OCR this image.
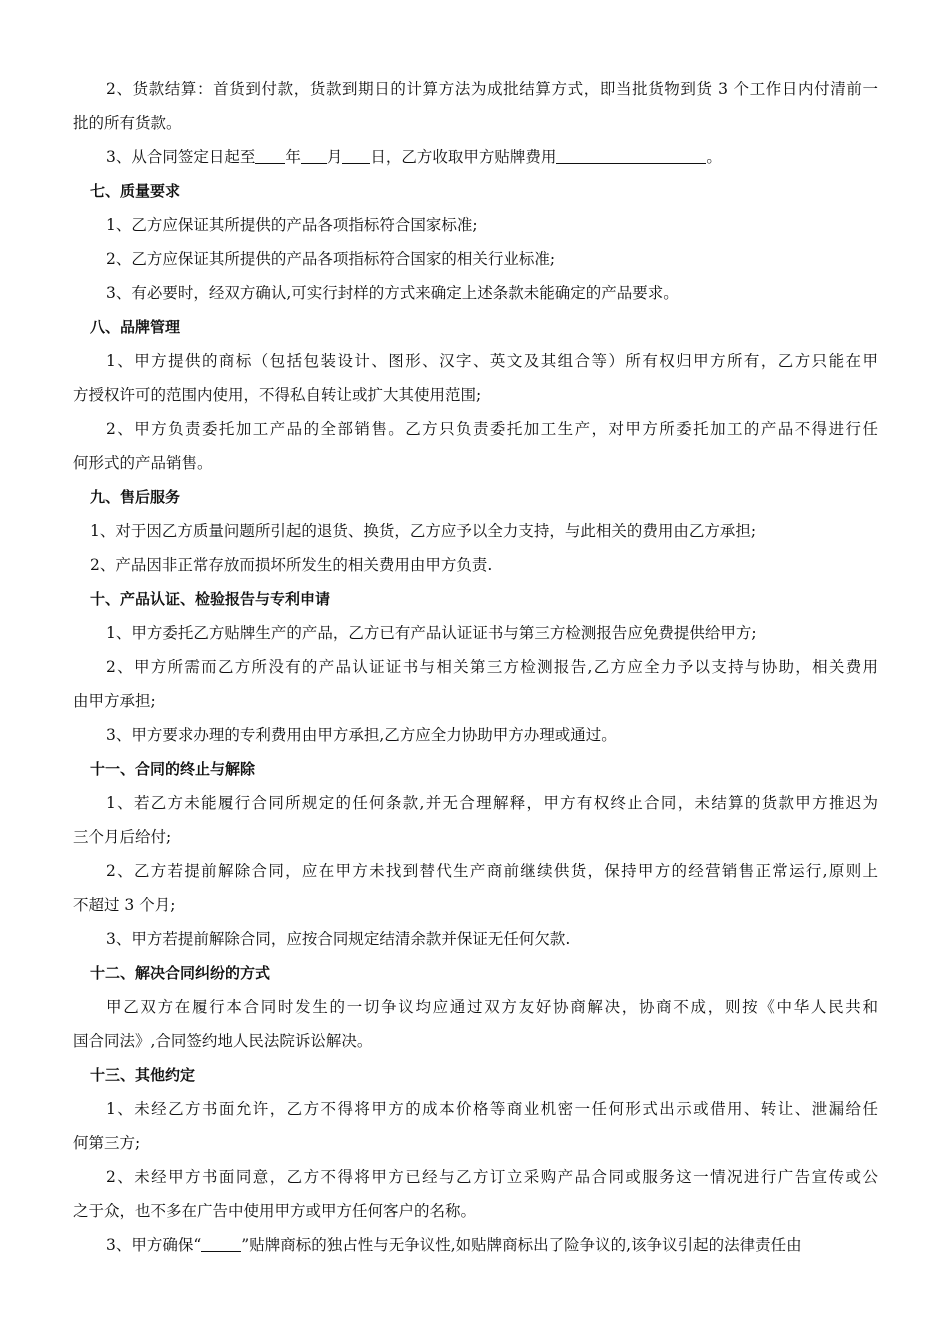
2、货款结算：首货到付款，货款到期日的计算方法为成批结算方式，即当批货物到货 3 个工作日内付清前一
批的所有货款。

3、从合同签定日起至 年 月 日，乙方收取甲方贴牌费用	。

七、质量要求

1、乙方应保证其所提供的产品各项指标符合国家标准;

2、乙方应保证其所提供的产品各项指标符合国家的相关行业标准;

3、有必要时，经双方确认,可实行封样的方式来确定上述条款未能确定的产品要求。

八、品牌管理

1、甲方提供的商标（包括包装设计、图形、汉字、英文及其组合等）所有权归甲方所有，乙方只能在甲
方授权许可的范围内使用，不得私自转让或扩大其使用范围;

2、甲方负责委托加工产品的全部销售。乙方只负责委托加工生产，对甲方所委托加工的产品不得进行任
何形式的产品销售。

九、售后服务

1、对于因乙方质量问题所引起的退货、换货，乙方应予以全力支持，与此相关的费用由乙方承担;

2、产品因非正常存放而损坏所发生的相关费用由甲方负责.

十、产品认证、检验报告与专利申请

1、甲方委托乙方贴牌生产的产品，乙方已有产品认证证书与第三方检测报告应免费提供给甲方;

2、甲方所需而乙方所没有的产品认证证书与相关第三方检测报告,乙方应全力予以支持与协助，相关费用
由甲方承担;

3、甲方要求办理的专利费用由甲方承担,乙方应全力协助甲方办理或通过。

十一、合同的终止与解除

1、若乙方未能履行合同所规定的任何条款,并无合理解释，甲方有权终止合同，未结算的货款甲方推迟为
三个月后给付;

2、乙方若提前解除合同，应在甲方未找到替代生产商前继续供货，保持甲方的经营销售正常运行,原则上
不超过 3 个月;

3、甲方若提前解除合同，应按合同规定结清余款并保证无任何欠款.

十二、解决合同纠纷的方式

甲乙双方在履行本合同时发生的一切争议均应通过双方友好协商解决，协商不成，则按《中华人民共和
国合同法》,合同签约地人民法院诉讼解决。

十三、其他约定

1、未经乙方书面允许，乙方不得将甲方的成本价格等商业机密一任何形式出示或借用、转让、泄漏给任
何第三方;

2、未经甲方书面同意，乙方不得将甲方已经与乙方订立采购产品合同或服务这一情况进行广告宣传或公
之于众，也不多在广告中使用甲方或甲方任何客户的名称。

3、甲方确保“	”贴牌商标的独占性与无争议性,如贴牌商标出了险争议的,该争议引起的法律责任由
